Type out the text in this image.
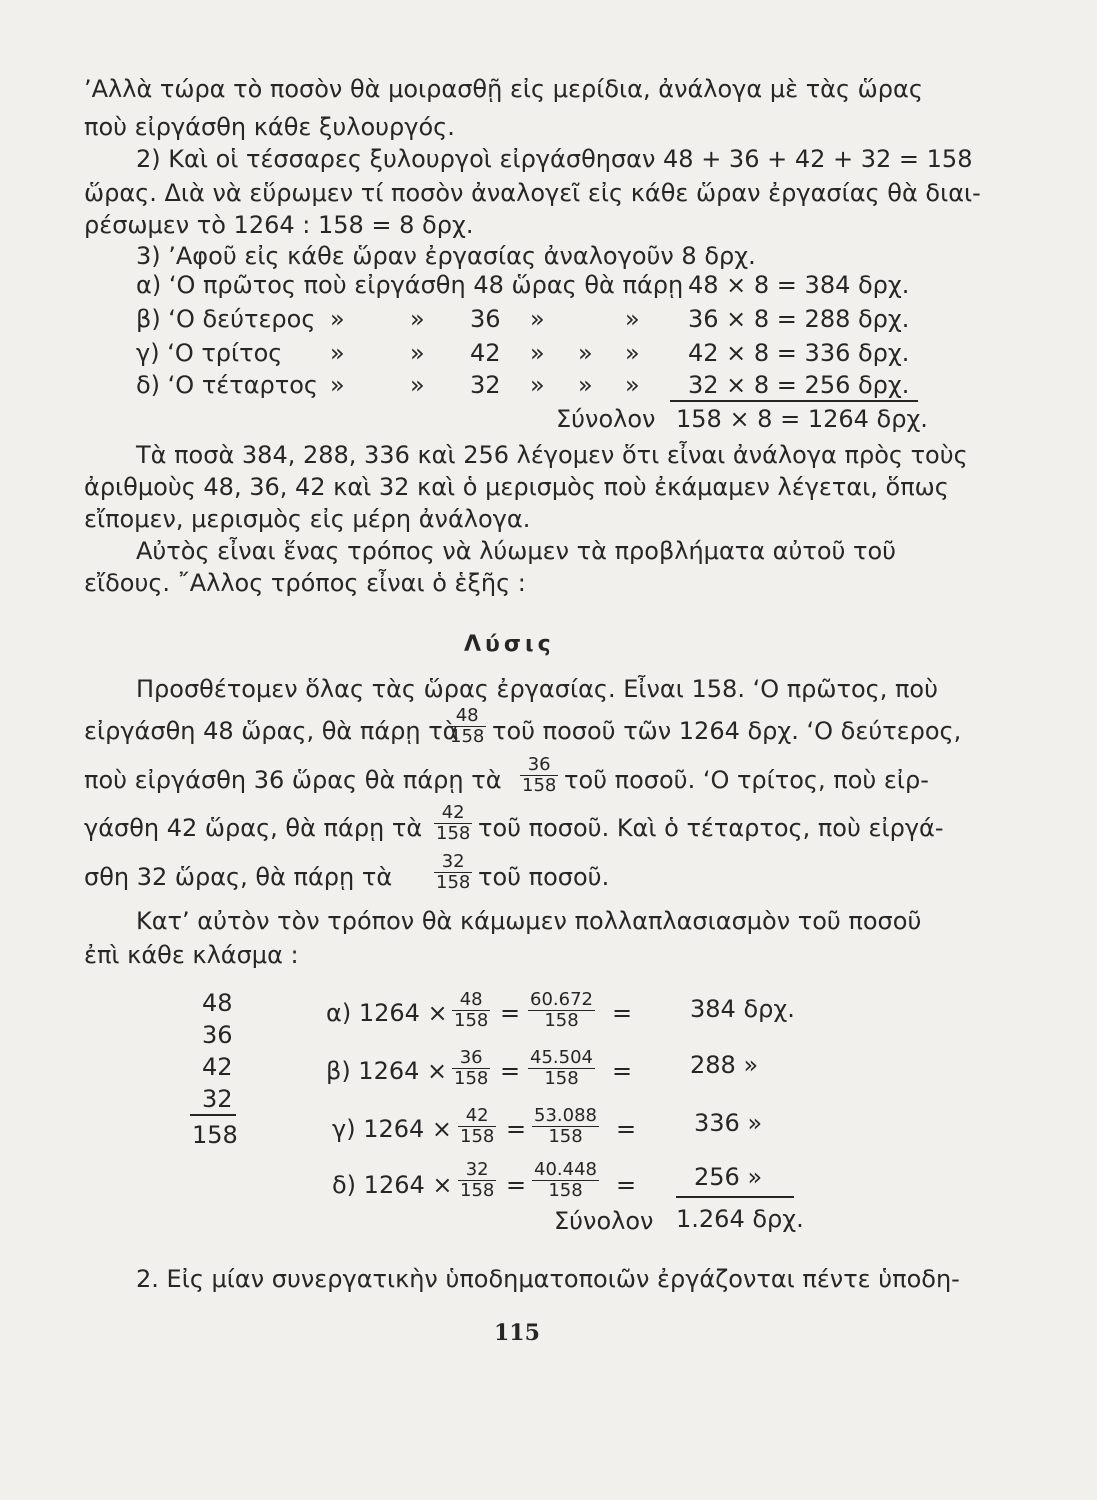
’Αλλὰ τώρα τὸ ποσὸν θὰ μοιρασθῇ εἰς μερίδια, ἀνάλογα μὲ τὰς ὥρας
ποὺ εἰργάσθη κάθε ξυλουργός.
2) Καὶ οἱ τέσσαρες ξυλουργοὶ εἰργάσθησαν 48 + 36 + 42 + 32 = 158
ὥρας. Διὰ νὰ εὕρωμεν τί ποσὸν ἀναλογεῖ εἰς κάθε ὥραν ἐργασίας θὰ διαι-
ρέσωμεν τὸ 1264 : 158 = 8 δρχ.
3) ’Αφοῦ εἰς κάθε ὥραν ἐργασίας ἀναλογοῦν 8 δρχ.
α) ‘Ο πρῶτος ποὺ εἰργάσθη 48 ὥρας θὰ πάρῃ 48 × 8 = 384 δρχ.
β) ‘Ο δεύτερος »	» 36 »	» 36 × 8 = 288 δρχ.
γ) ‘Ο τρίτος »	» 42 » » » 42 × 8 = 336 δρχ.
δ) ‘Ο τέταρτος »	» 32 » » » 32 × 8 = 256 δρχ.
Σύνολον 158 × 8 = 1264 δρχ.
Τὰ ποσὰ 384, 288, 336 καὶ 256 λέγομεν ὅτι εἶναι ἀνάλογα πρὸς τοὺς
ἀριθμοὺς 48, 36, 42 καὶ 32 καὶ ὁ μερισμὸς ποὺ ἐκάμαμεν λέγεται, ὅπως
εἴπομεν, μερισμὸς εἰς μέρη ἀνάλογα.
Αὐτὸς εἶναι ἕνας τρόπος νὰ λύωμεν τὰ προβλήματα αὐτοῦ τοῦ
εἴδους. ῎Αλλος τρόπος εἶναι ὁ ἑξῆς :
Λύσις
Προσθέτομεν ὅλας τὰς ὥρας ἐργασίας. Εἶναι 158. ‘Ο πρῶτος, ποὺ
εἰργάσθη 48 ὥρας, θὰ πάρῃ τὰ
$\frac{48}{158}$ τοῦ ποσοῦ τῶν 1264 δρχ. ‘Ο δεύτερος,
ποὺ εἰργάσθη 36 ὥρας θὰ πάρῃ τὰ $\frac{36}{158}$ τοῦ ποσοῦ. ‘Ο τρίτος, ποὺ εἰρ-
γάσθη 42 ὥρας, θὰ πάρῃ τὰ $\frac{42}{158}$ τοῦ ποσοῦ. Καὶ ὁ τέταρτος, ποὺ εἰργά-
σθη 32 ὥρας, θὰ πάρῃ τὰ $\frac{32}{158}$ τοῦ ποσοῦ.
Κατ’ αὐτὸν τὸν τρόπον θὰ κάμωμεν πολλαπλασιασμὸν τοῦ ποσοῦ
ἐπὶ κάθε κλάσμα :
48
36
42
32
158
α) $1264 \times \frac{48}{158} = \frac{60.672}{158} = 384$ δρχ.
β) $1264 \times \frac{36}{158} = \frac{45.504}{158} = 288$ »
γ) $1264 \times \frac{42}{158} = \frac{53.088}{158} = 336$ »
δ) $1264 \times \frac{32}{158} = \frac{40.448}{158} = 256$ »
Σύνολον 1.264 δρχ.
2. Εἰς μίαν συνεργατικὴν ὑποδηματοποιῶν ἐργάζονται πέντε ὑποδη-
115
